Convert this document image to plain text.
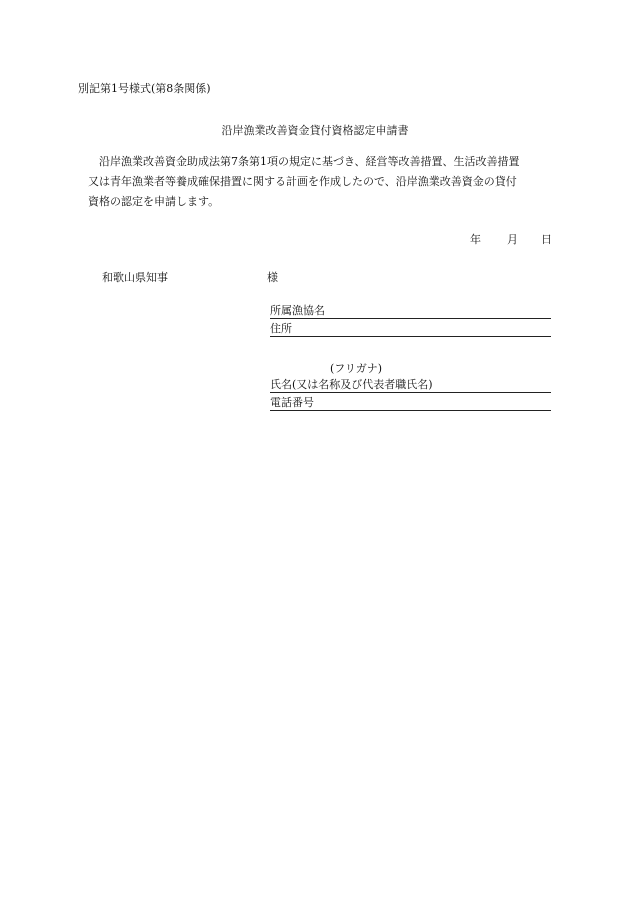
別記第1号様式(第8条関係)
沿岸漁業改善資金貸付資格認定申請書
沿岸漁業改善資金助成法第7条第1項の規定に基づき、経営等改善措置、生活改善措置
又は青年漁業者等養成確保措置に関する計画を作成したので、沿岸漁業改善資金の貸付
資格の認定を申請します。
年 月 日
和歌山県知事	様
所属漁協名
住所
(フリガナ)
氏名(又は名称及び代表者職氏名)
電話番号
